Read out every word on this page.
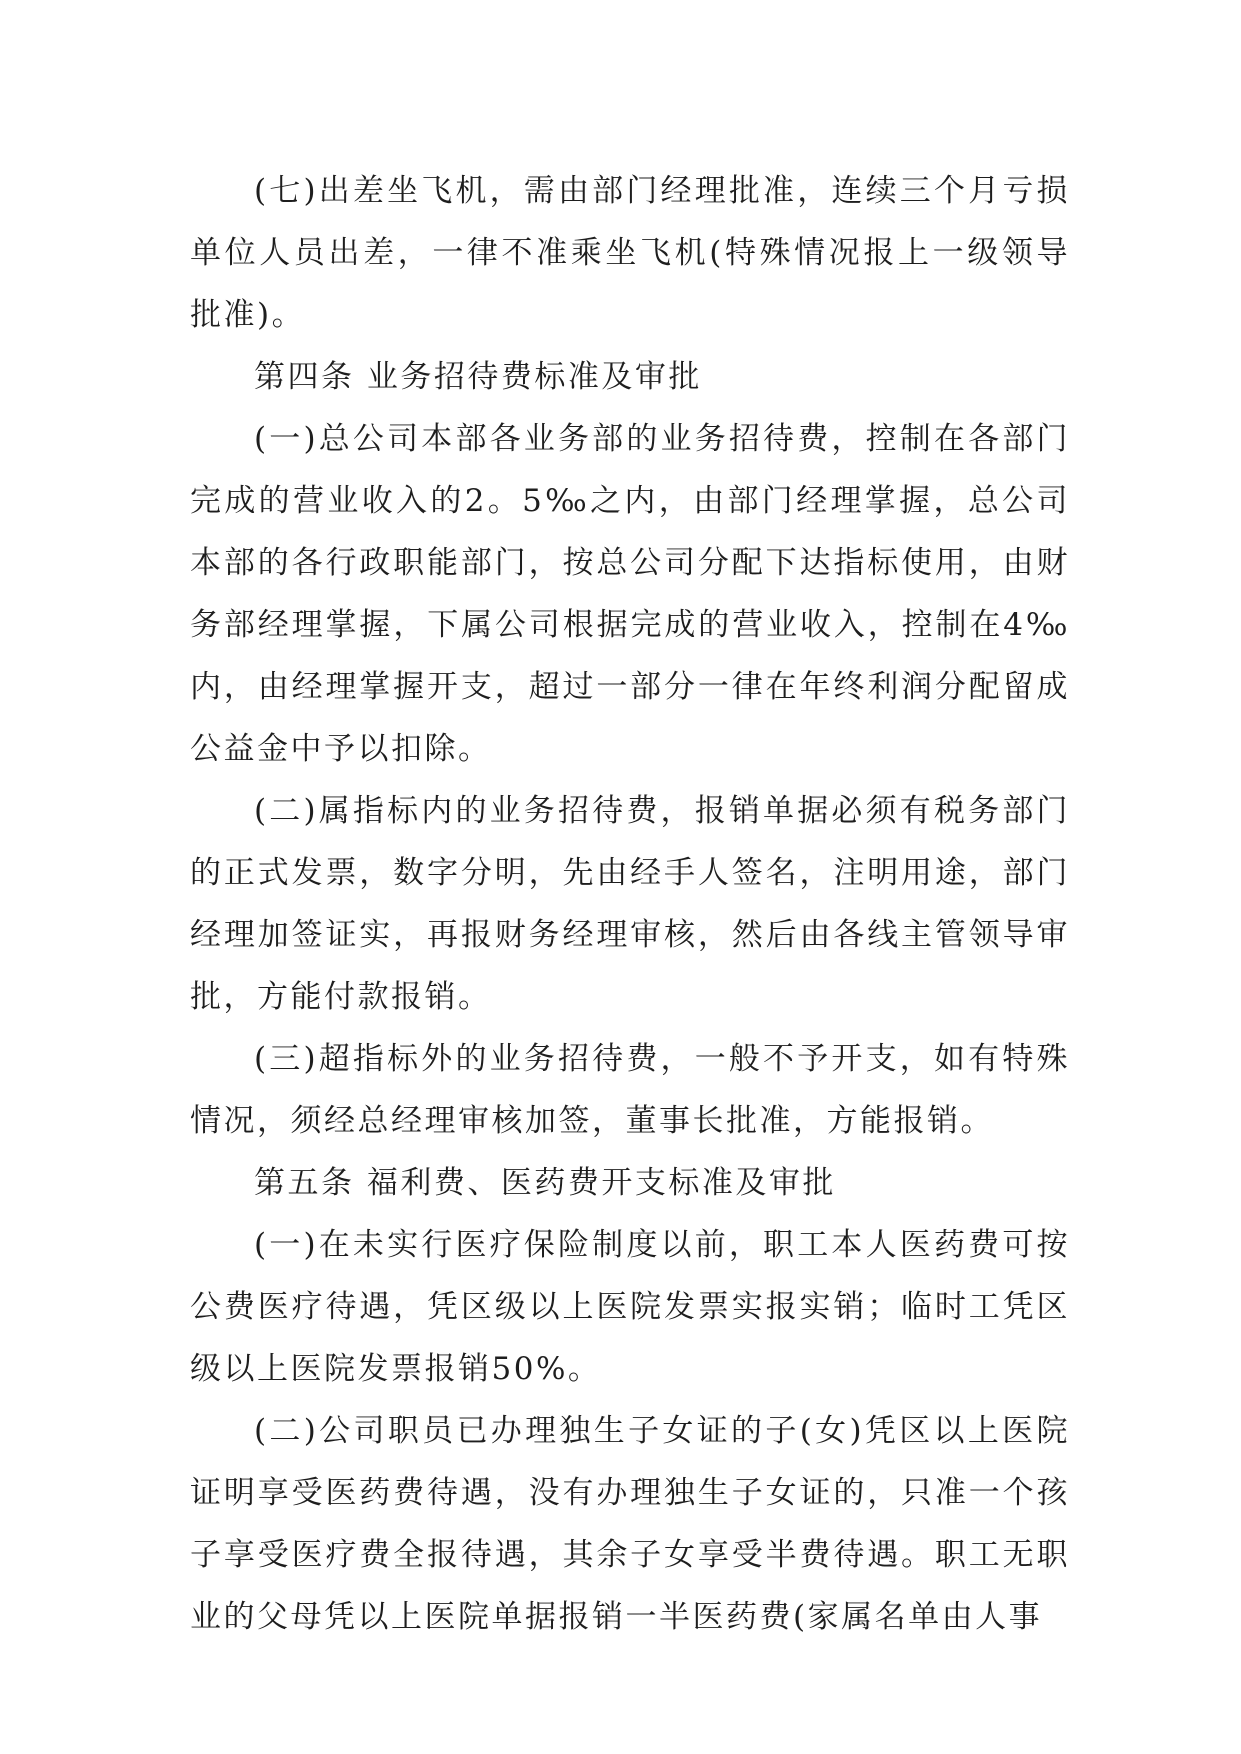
(七)出差坐飞机，需由部门经理批准，连续三个月亏损单位人员出差，一律不准乘坐飞机(特殊情况报上一级领导批准)。

第四条 业务招待费标准及审批

(一)总公司本部各业务部的业务招待费，控制在各部门完成的营业收入的2。5‰之内，由部门经理掌握，总公司本部的各行政职能部门，按总公司分配下达指标使用，由财务部经理掌握，下属公司根据完成的营业收入，控制在4‰内，由经理掌握开支，超过一部分一律在年终利润分配留成公益金中予以扣除。

(二)属指标内的业务招待费，报销单据必须有税务部门的正式发票，数字分明，先由经手人签名，注明用途，部门经理加签证实，再报财务经理审核，然后由各线主管领导审批，方能付款报销。

(三)超指标外的业务招待费，一般不予开支，如有特殊情况，须经总经理审核加签，董事长批准，方能报销。

第五条 福利费、医药费开支标准及审批

(一)在未实行医疗保险制度以前，职工本人医药费可按公费医疗待遇，凭区级以上医院发票实报实销；临时工凭区级以上医院发票报销50%。

(二)公司职员已办理独生子女证的子(女)凭区以上医院证明享受医药费待遇，没有办理独生子女证的，只准一个孩子享受医疗费全报待遇，其余子女享受半费待遇。职工无职业的父母凭以上医院单据报销一半医药费(家属名单由人事
